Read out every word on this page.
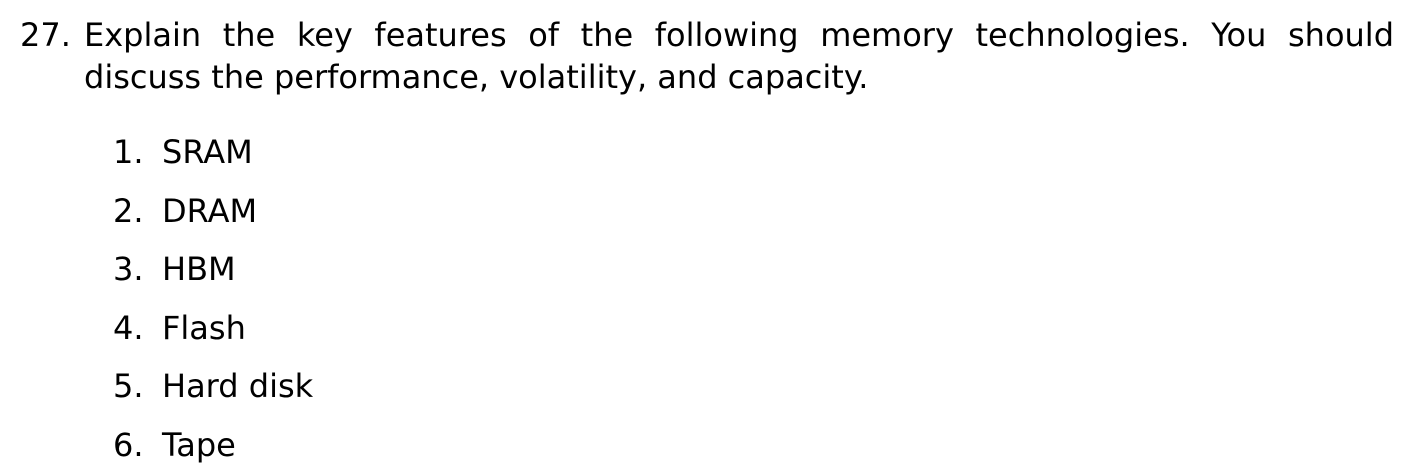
27. Explain the key features of the following memory technologies. You should discuss the performance, volatility, and capacity.
1. SRAM
2. DRAM
3. HBM
4. Flash
5. Hard disk
6. Tape
